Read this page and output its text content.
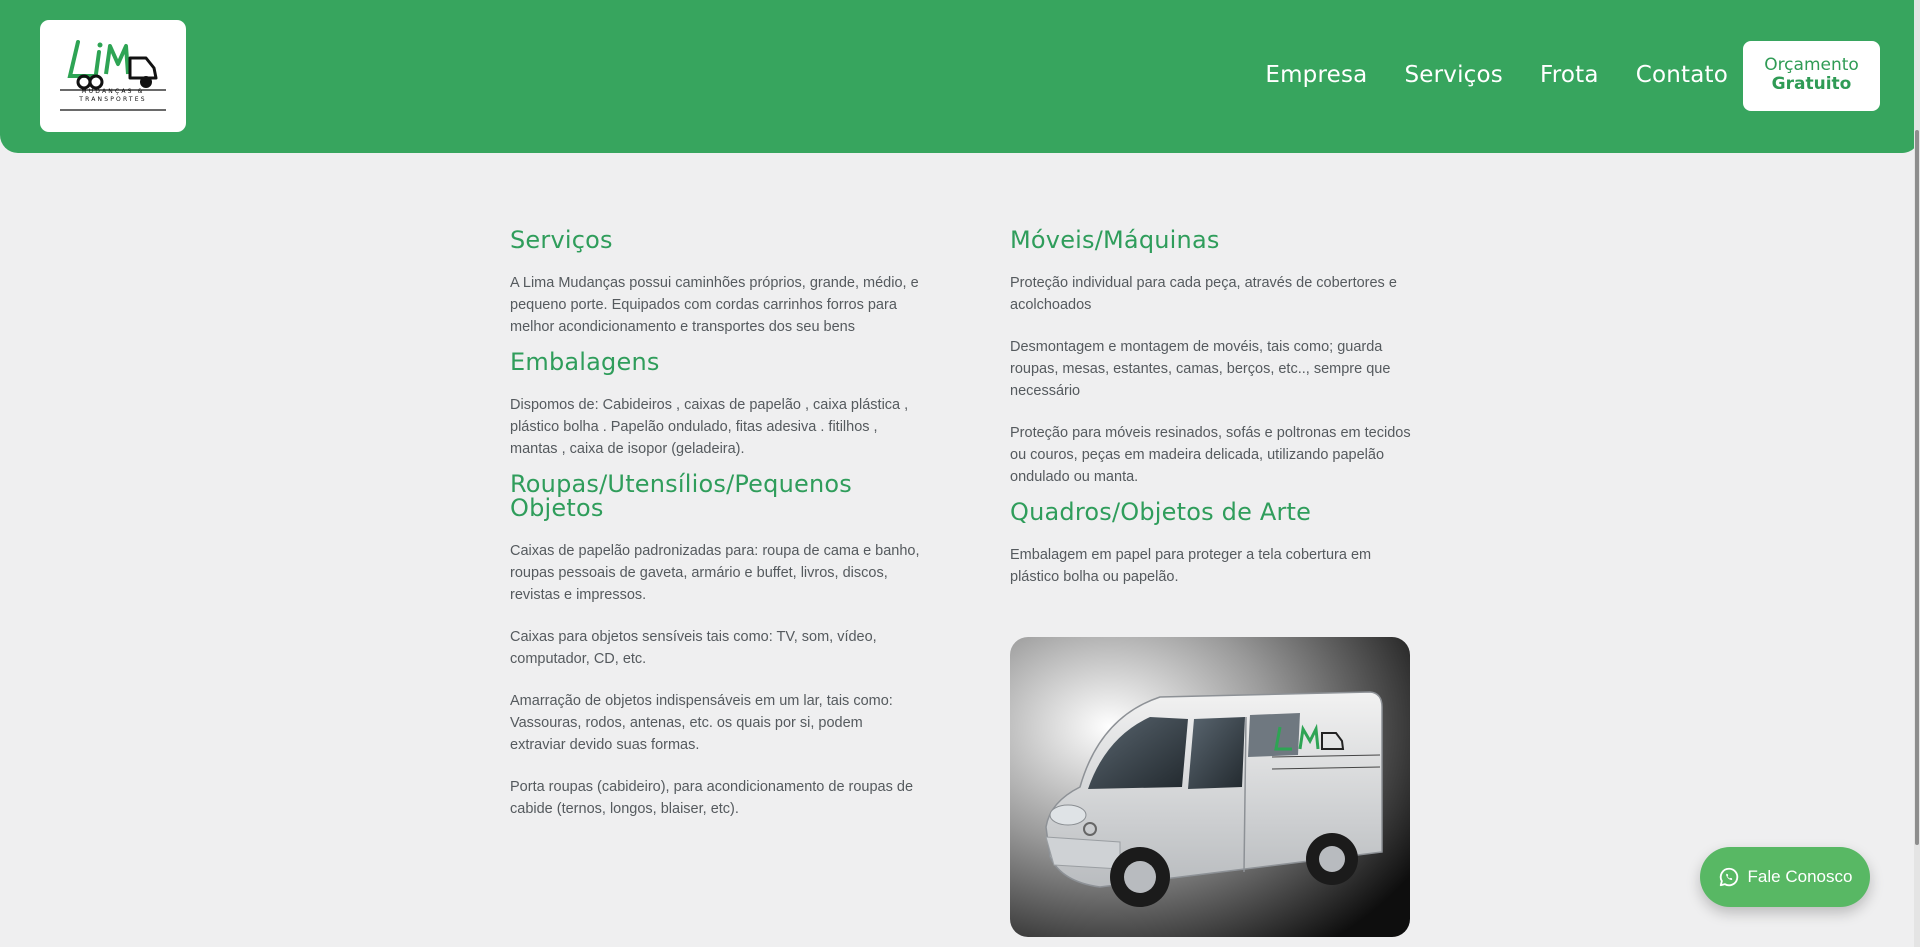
MUDANÇAS & TRANSPORTES
Empresa Serviços Frota Contato	Orçamento
Gratuito
Serviços

A Lima Mudanças possui caminhões próprios, grande, médio, e pequeno porte. Equipados com cordas carrinhos forros para melhor acondicionamento e transportes dos seu bens

Embalagens

Dispomos de: Cabideiros , caixas de papelão , caixa plástica , plástico bolha . Papelão ondulado, fitas adesiva . fitilhos , mantas , caixa de isopor (geladeira).

Roupas/Utensílios/Pequenos Objetos

Caixas de papelão padronizadas para: roupa de cama e banho, roupas pessoais de gaveta, armário e buffet, livros, discos, revistas e impressos.

Caixas para objetos sensíveis tais como: TV, som, vídeo, computador, CD, etc.

Amarração de objetos indispensáveis em um lar, tais como: Vassouras, rodos, antenas, etc. os quais por si, podem extraviar devido suas formas.

Porta roupas (cabideiro), para acondicionamento de roupas de cabide (ternos, longos, blaiser, etc).

Móveis/Máquinas

Proteção individual para cada peça, através de cobertores e acolchoados

Desmontagem e montagem de movéis, tais como; guarda roupas, mesas, estantes, camas, berços, etc.., sempre que necessário

Proteção para móveis resinados, sofás e poltronas em tecidos ou couros, peças em madeira delicada, utilizando papelão ondulado ou manta.

Quadros/Objetos de Arte

Embalagem em papel para proteger a tela cobertura em plástico bolha ou papelão.

Fale Conosco
